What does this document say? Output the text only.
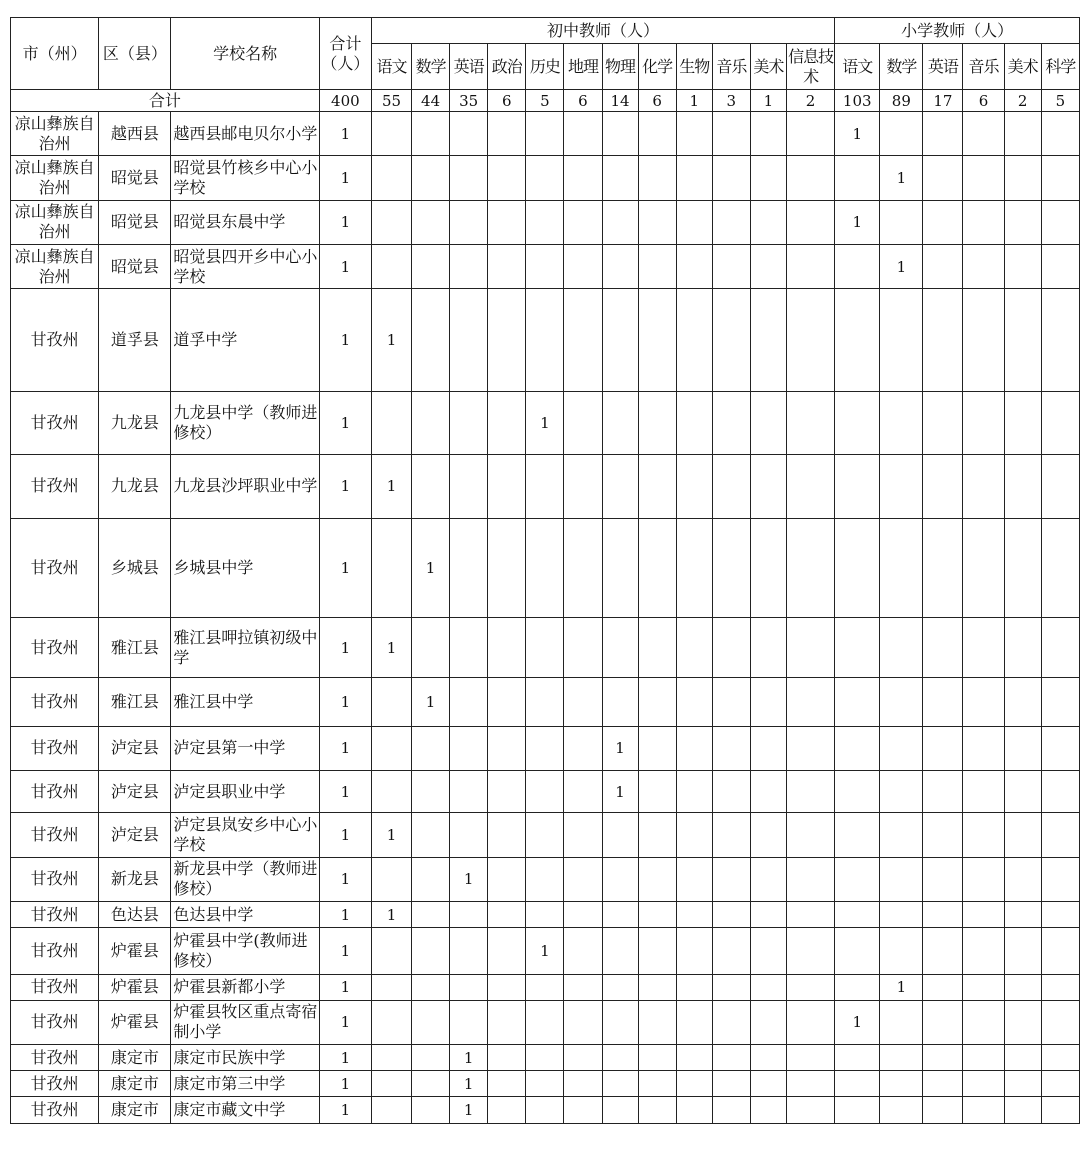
市（州）	区（县）	学校名称	合计（人）	初中教师（人）												小学教师（人）					
				语文	数学	英语	政治	历史	地理	物理	化学	生物	音乐	美术	信息技术	语文	数学	英语	音乐	美术	科学
合计			400	55	44	35	6	5	6	14	6	1	3	1	2	103	89	17	6	2	5
凉山彝族自治州	越西县	越西县邮电贝尔小学	1													1					
凉山彝族自治州	昭觉县	昭觉县竹核乡中心小学校	1														1				
凉山彝族自治州	昭觉县	昭觉县东晨中学	1													1					
凉山彝族自治州	昭觉县	昭觉县四开乡中心小学校	1														1				
甘孜州	道孚县	道孚中学	1	1																	
甘孜州	九龙县	九龙县中学（教师进修校）	1					1													
甘孜州	九龙县	九龙县沙坪职业中学	1	1																	
甘孜州	乡城县	乡城县中学	1		1																
甘孜州	雅江县	雅江县呷拉镇初级中学	1	1																	
甘孜州	雅江县	雅江县中学	1		1																
甘孜州	泸定县	泸定县第一中学	1							1											
甘孜州	泸定县	泸定县职业中学	1							1											
甘孜州	泸定县	泸定县岚安乡中心小学校	1	1																	
甘孜州	新龙县	新龙县中学（教师进修校）	1			1															
甘孜州	色达县	色达县中学	1	1																	
甘孜州	炉霍县	炉霍县中学(教师进修校）	1					1													
甘孜州	炉霍县	炉霍县新都小学	1														1				
甘孜州	炉霍县	炉霍县牧区重点寄宿制小学	1													1					
甘孜州	康定市	康定市民族中学	1			1															
甘孜州	康定市	康定市第三中学	1			1															
甘孜州	康定市	康定市藏文中学	1			1															
